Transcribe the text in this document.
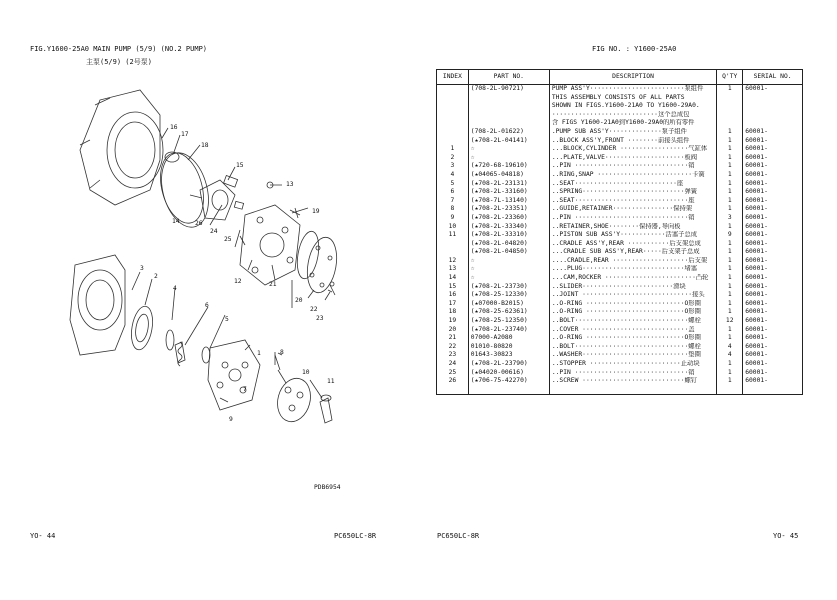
FIG.Y1600-25A0 MAIN PUMP (5/9) (NO.2 PUMP)
主泵(5/9) (2号泵)
16
17
18
15
13
19
14 26
24
25
12	21
20
22
23
3
2
4
6
5
8
10
7
9
11
1
PDB6954
YO- 44	PC650LC-8R
FIG NO. : Y1600-25A0
INDEX	PART NO.	DESCRIPTION	Q'TY	SERIAL NO.
	(708-2L-90721)	PUMP ASS'Y·························泵组件	1	60001-
		THIS ASSEMBLY CONSISTS OF ALL PARTS		
		SHOWN IN FIGS.Y1600-21A0 TO Y1600-29A0.		
		····························这个总成包		
		含 FIGS Y1600-21A0到Y1600-29A0的所有零件		
	(708-2L-01622)	.PUMP SUB ASS'Y··············泵子组件	1	60001-
	(★708-2L-04141)	..BLOCK ASS'Y,FRONT ········前接头组件	1	60001-
1	☆	...BLOCK,CYLINDER ··················气缸体	1	60001-
2	☆	...PLATE,VALVE·····················板阀	1	60001-
3	(★720-68-19610)	..PIN ······························销	1	60001-
4	(★04065-04818)	..RING,SNAP ·························卡簧	1	60001-
5	(★708-2L-23131)	..SEAT···························座	1	60001-
6	(★708-2L-33160)	..SPRING···························弹簧	1	60001-
7	(★708-7L-13140)	..SEAT······························座	1	60001-
8	(★708-2L-23351)	..GUIDE,RETAINER················保持架	1	60001-
9	(★708-2L-23360)	..PIN ······························销	3	60001-
10	(★708-2L-33340)	..RETAINER,SHOE········保持器,导向板	1	60001-
11	(★708-2L-33310)	..PISTON SUB ASS'Y············活塞子总成	9	60001-
	(★708-2L-04820)	..CRADLE ASS'Y,REAR ···········后支架总成	1	60001-
	(★708-2L-04850)	...CRADLE SUB ASS'Y,REAR·····后支架子总成	1	60001-
12	☆	....CRADLE,REAR ····················后支架	1	60001-
13	☆	....PLUG···························堵塞	1	60001-
14	☆	...CAM,ROCKER ························凸轮	1	60001-
15	(★708-2L-23730)	..SLIDER························滑块	1	60001-
16	(★708-25-12330)	..JOINT ·····························接头	1	60001-
17	(★07000-B2015)	..O-RING ··························O形圈	1	60001-
18	(★708-25-62361)	..O-RING ··························O形圈	1	60001-
19	(★708-25-12350)	..BOLT······························螺栓	12	60001-
20	(★708-2L-23740)	..COVER ····························盖	1	60001-
21	07000-A2080	..O-RING ··························O形圈	1	60001-
22	01010-80820	..BOLT······························螺栓	4	60001-
23	01643-30823	..WASHER····························垫圈	4	60001-
24	(★708-2L-23790)	..STOPPER ························止动块	1	60001-
25	(★04020-00616)	..PIN ······························销	1	60001-
26	(★706-75-42270)	..SCREW ···························螺钉	1	60001-

PC650LC-8R	YO- 45
